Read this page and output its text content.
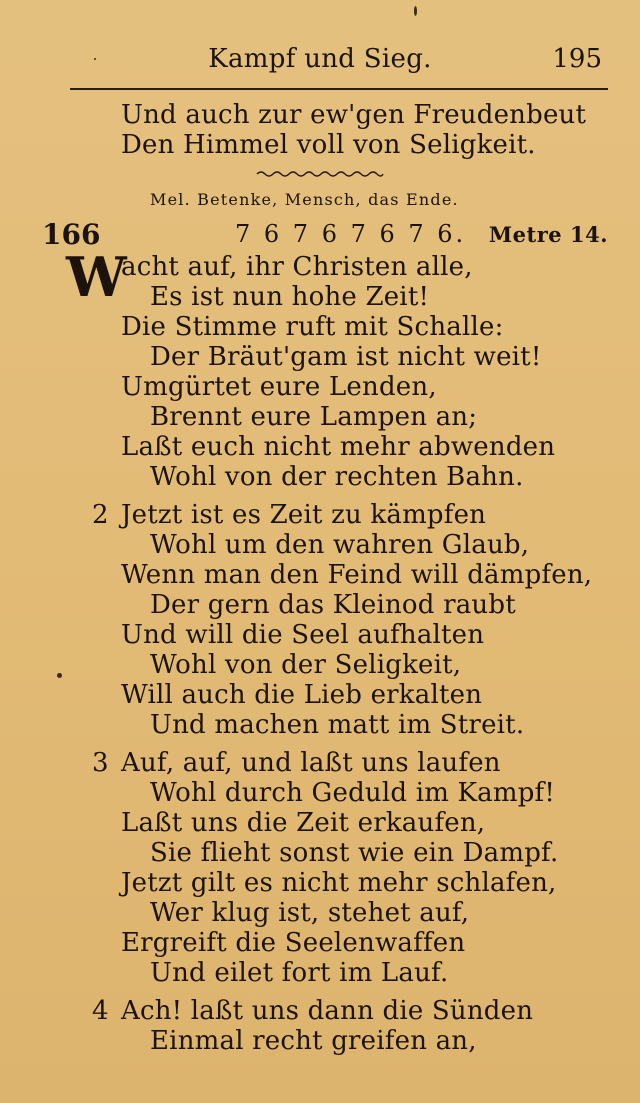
Kampf und Sieg.	195
Und auch zur ew'gen Freudenbeut
Den Himmel voll von Seligkeit.
Mel. Betenke, Mensch, das Ende.
166	7 6 7 6 7 6 7 6. Metre 14.
W
acht auf, ihr Christen alle,
Es ist nun hohe Zeit!
Die Stimme ruft mit Schalle:
Der Bräut'gam ist nicht weit!
Umgürtet eure Lenden,
Brennt eure Lampen an;
Laßt euch nicht mehr abwenden
Wohl von der rechten Bahn.
2 Jetzt ist es Zeit zu kämpfen
Wohl um den wahren Glaub,
Wenn man den Feind will dämpfen,
Der gern das Kleinod raubt
Und will die Seel aufhalten
Wohl von der Seligkeit,
Will auch die Lieb erkalten
Und machen matt im Streit.
3 Auf, auf, und laßt uns laufen
Wohl durch Geduld im Kampf!
Laßt uns die Zeit erkaufen,
Sie flieht sonst wie ein Dampf.
Jetzt gilt es nicht mehr schlafen,
Wer klug ist, stehet auf,
Ergreift die Seelenwaffen
Und eilet fort im Lauf.
4 Ach! laßt uns dann die Sünden
Einmal recht greifen an,
